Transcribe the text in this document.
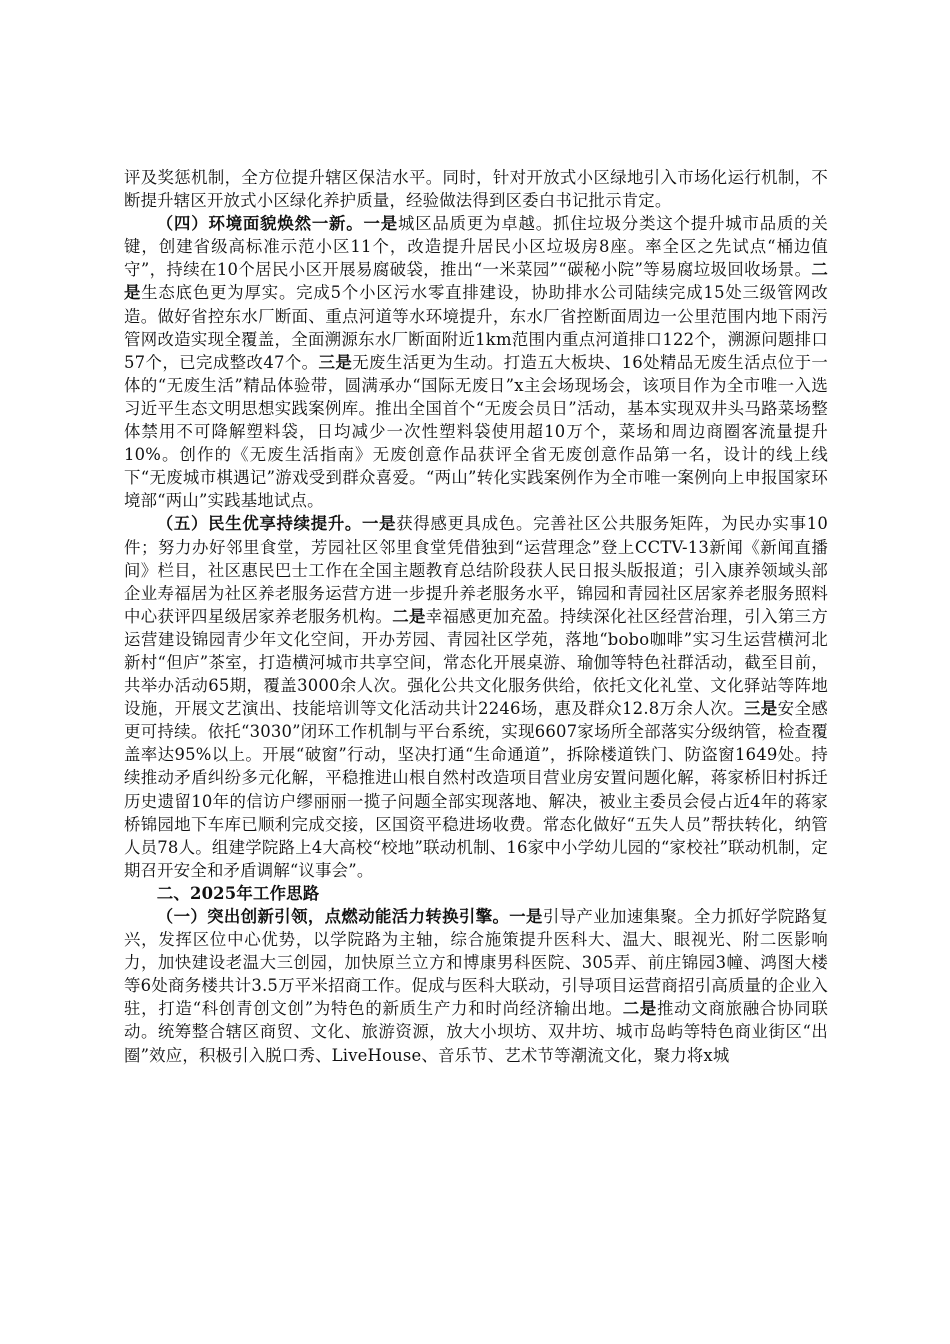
评及奖惩机制，全方位提升辖区保洁水平。同时，针对开放式小区绿地引入市场化运行机制，不断提升辖区开放式小区绿化养护质量，经验做法得到区委白书记批示肯定。

（四）环境面貌焕然一新。一是城区品质更为卓越。抓住垃圾分类这个提升城市品质的关键，创建省级高标准示范小区11个，改造提升居民小区垃圾房8座。率全区之先试点“桶边值守”，持续在10个居民小区开展易腐破袋，推出“一米菜园”“碳秘小院”等易腐垃圾回收场景。二是生态底色更为厚实。完成5个小区污水零直排建设，协助排水公司陆续完成15处三级管网改造。做好省控东水厂断面、重点河道等水环境提升，东水厂省控断面周边一公里范围内地下雨污管网改造实现全覆盖，全面溯源东水厂断面附近1km范围内重点河道排口122个，溯源问题排口57个，已完成整改47个。三是无废生活更为生动。打造五大板块、16处精品无废生活点位于一体的“无废生活”精品体验带，圆满承办“国际无废日”x主会场现场会，该项目作为全市唯一入选习近平生态文明思想实践案例库。推出全国首个“无废会员日”活动，基本实现双井头马路菜场整体禁用不可降解塑料袋，日均减少一次性塑料袋使用超10万个，菜场和周边商圈客流量提升10%。创作的《无废生活指南》无废创意作品获评全省无废创意作品第一名，设计的线上线下“无废城市棋遇记”游戏受到群众喜爱。“两山”转化实践案例作为全市唯一案例向上申报国家环境部“两山”实践基地试点。

（五）民生优享持续提升。一是获得感更具成色。完善社区公共服务矩阵，为民办实事10件；努力办好邻里食堂，芳园社区邻里食堂凭借独到“运营理念”登上CCTV-13新闻《新闻直播间》栏目，社区惠民巴士工作在全国主题教育总结阶段获人民日报头版报道；引入康养领域头部企业寿福居为社区养老服务运营方进一步提升养老服务水平，锦园和青园社区居家养老服务照料中心获评四星级居家养老服务机构。二是幸福感更加充盈。持续深化社区经营治理，引入第三方运营建设锦园青少年文化空间，开办芳园、青园社区学苑，落地“bobo咖啡”实习生运营横河北新村“但庐”茶室，打造横河城市共享空间，常态化开展桌游、瑜伽等特色社群活动，截至目前，共举办活动65期，覆盖3000余人次。强化公共文化服务供给，依托文化礼堂、文化驿站等阵地设施，开展文艺演出、技能培训等文化活动共计2246场，惠及群众12.8万余人次。三是安全感更可持续。依托“3030”闭环工作机制与平台系统，实现6607家场所全部落实分级纳管，检查覆盖率达95%以上。开展“破窗”行动，坚决打通“生命通道”，拆除楼道铁门、防盗窗1649处。持续推动矛盾纠纷多元化解，平稳推进山根自然村改造项目营业房安置问题化解，蒋家桥旧村拆迁历史遗留10年的信访户缪丽丽一揽子问题全部实现落地、解决，被业主委员会侵占近4年的蒋家桥锦园地下车库已顺利完成交接，区国资平稳进场收费。常态化做好“五失人员”帮扶转化，纳管人员78人。组建学院路上4大高校“校地”联动机制、16家中小学幼儿园的“家校社”联动机制，定期召开安全和矛盾调解“议事会”。

二、2025年工作思路

（一）突出创新引领，点燃动能活力转换引擎。一是引导产业加速集聚。全力抓好学院路复兴，发挥区位中心优势，以学院路为主轴，综合施策提升医科大、温大、眼视光、附二医影响力，加快建设老温大三创园，加快原兰立方和博康男科医院、305弄、前庄锦园3幢、鸿图大楼等6处商务楼共计3.5万平米招商工作。促成与医科大联动，引导项目运营商招引高质量的企业入驻，打造“科创青创文创”为特色的新质生产力和时尚经济输出地。二是推动文商旅融合协同联动。统筹整合辖区商贸、文化、旅游资源，放大小坝坊、双井坊、城市岛屿等特色商业街区“出圈”效应，积极引入脱口秀、LiveHouse、音乐节、艺术节等潮流文化，聚力将x城
